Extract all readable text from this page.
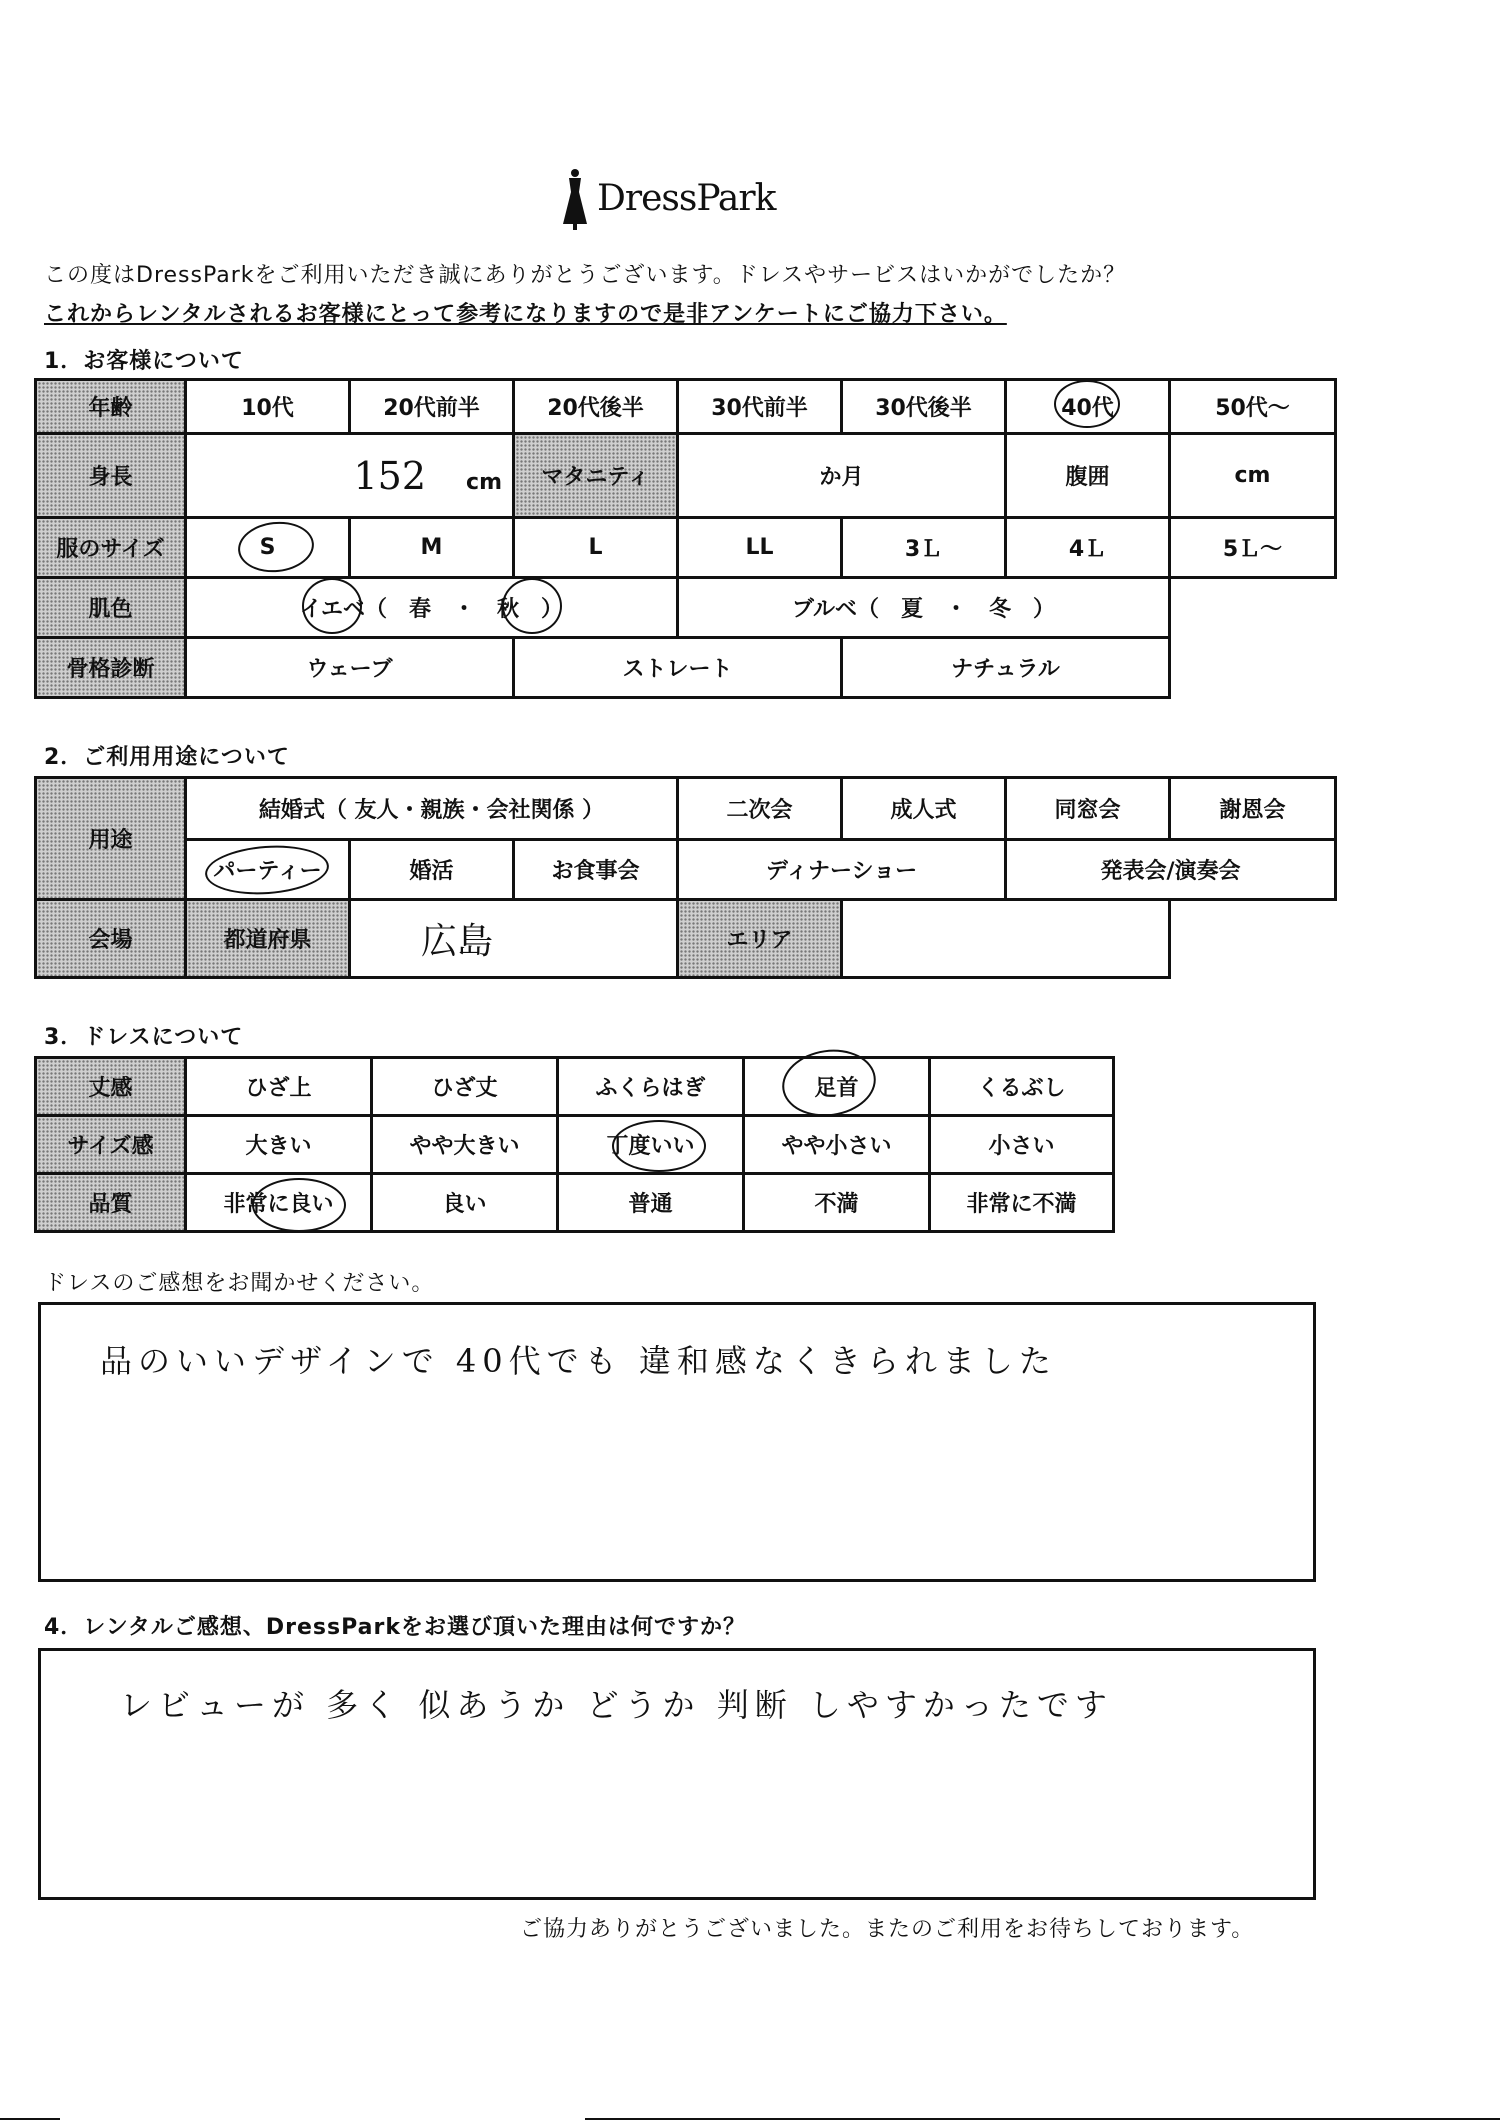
DressPark
この度はDressParkをご利用いただき誠にありがとうございます。ドレスやサービスはいかがでしたか？
これからレンタルされるお客様にとって参考になりますので是非アンケートにご協力下さい。
1．お客様について
年齢	10代	20代前半	20代後半	30代前半	30代後半	40代	50代～
身長	152 cm		マタニティ	か月		腹囲	cm
服のサイズ	S	M	L	LL	3Ｌ	4Ｌ	5Ｌ～
肌色	イエベ（　春　・　秋　）			ブルベ（　夏　・　冬　）			
骨格診断	ウェーブ		ストレート		ナチュラル		
2．ご利用用途について
用途	結婚式（ 友人・親族・会社関係 ）			二次会	成人式	同窓会	謝恩会
	パーティー	婚活	お食事会	ディナーショー		発表会/演奏会	
会場	都道府県	広島		エリア			
3．ドレスについて
丈感	ひざ上	ひざ丈	ふくらはぎ	足首	くるぶし
サイズ感	大きい	やや大きい	丁度いい	やや小さい	小さい
品質	非常に良い	良い	普通	不満	非常に不満
ドレスのご感想をお聞かせください。
品のいいデザインで 40代でも 違和感なくきられました
4．レンタルご感想、DressParkをお選び頂いた理由は何ですか？
レビューが 多く 似あうか どうか 判断 しやすかったです
ご協力ありがとうございました。またのご利用をお待ちしております。
